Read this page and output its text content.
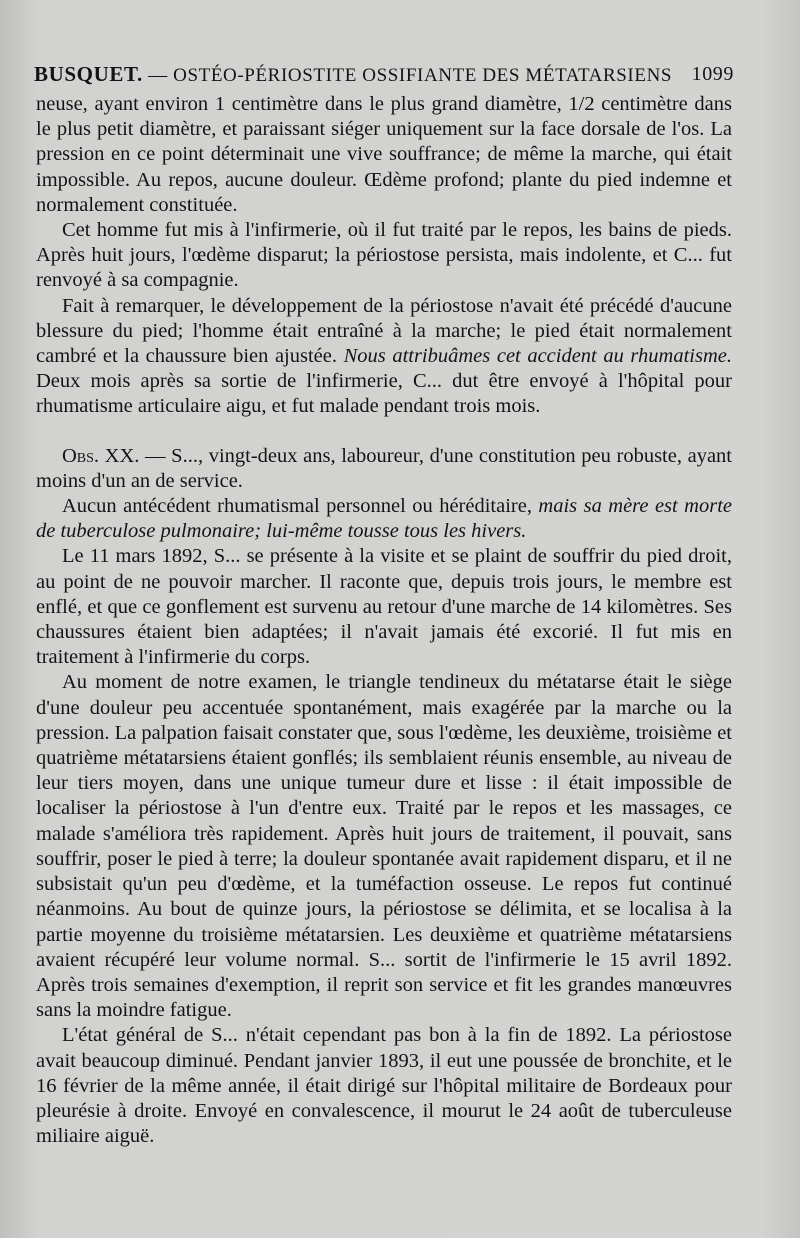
BUSQUET. — OSTÉO-PÉRIOSTITE OSSIFIANTE DES MÉTATARSIENS 1099

neuse, ayant environ 1 centimètre dans le plus grand diamètre, 1/2 centimètre dans le plus petit diamètre, et paraissant siéger uniquement sur la face dorsale de l'os. La pression en ce point déterminait une vive souffrance; de même la marche, qui était impossible. Au repos, aucune douleur. Œdème profond; plante du pied indemne et normalement constituée.

Cet homme fut mis à l'infirmerie, où il fut traité par le repos, les bains de pieds. Après huit jours, l'œdème disparut; la périostose persista, mais indolente, et C... fut renvoyé à sa compagnie.

Fait à remarquer, le développement de la périostose n'avait été précédé d'aucune blessure du pied; l'homme était entraîné à la marche; le pied était normalement cambré et la chaussure bien ajustée. Nous attribuâmes cet accident au rhumatisme. Deux mois après sa sortie de l'infirmerie, C... dut être envoyé à l'hôpital pour rhumatisme articulaire aigu, et fut malade pendant trois mois.

Obs. XX. — S..., vingt-deux ans, laboureur, d'une constitution peu robuste, ayant moins d'un an de service.

Aucun antécédent rhumatismal personnel ou héréditaire, mais sa mère est morte de tuberculose pulmonaire; lui-même tousse tous les hivers.

Le 11 mars 1892, S... se présente à la visite et se plaint de souffrir du pied droit, au point de ne pouvoir marcher. Il raconte que, depuis trois jours, le membre est enflé, et que ce gonflement est survenu au retour d'une marche de 14 kilomètres. Ses chaussures étaient bien adaptées; il n'avait jamais été excorié. Il fut mis en traitement à l'infirmerie du corps.

Au moment de notre examen, le triangle tendineux du métatarse était le siège d'une douleur peu accentuée spontanément, mais exagérée par la marche ou la pression. La palpation faisait constater que, sous l'œdème, les deuxième, troisième et quatrième métatarsiens étaient gonflés; ils semblaient réunis ensemble, au niveau de leur tiers moyen, dans une unique tumeur dure et lisse : il était impossible de localiser la périostose à l'un d'entre eux. Traité par le repos et les massages, ce malade s'améliora très rapidement. Après huit jours de traitement, il pouvait, sans souffrir, poser le pied à terre; la douleur spontanée avait rapidement disparu, et il ne subsistait qu'un peu d'œdème, et la tuméfaction osseuse. Le repos fut continué néanmoins. Au bout de quinze jours, la périostose se délimita, et se localisa à la partie moyenne du troisième métatarsien. Les deuxième et quatrième métatarsiens avaient récupéré leur volume normal. S... sortit de l'infirmerie le 15 avril 1892. Après trois semaines d'exemption, il reprit son service et fit les grandes manœuvres sans la moindre fatigue.

L'état général de S... n'était cependant pas bon à la fin de 1892. La périostose avait beaucoup diminué. Pendant janvier 1893, il eut une poussée de bronchite, et le 16 février de la même année, il était dirigé sur l'hôpital militaire de Bordeaux pour pleurésie à droite. Envoyé en convalescence, il mourut le 24 août de tuberculeuse miliaire aiguë.
